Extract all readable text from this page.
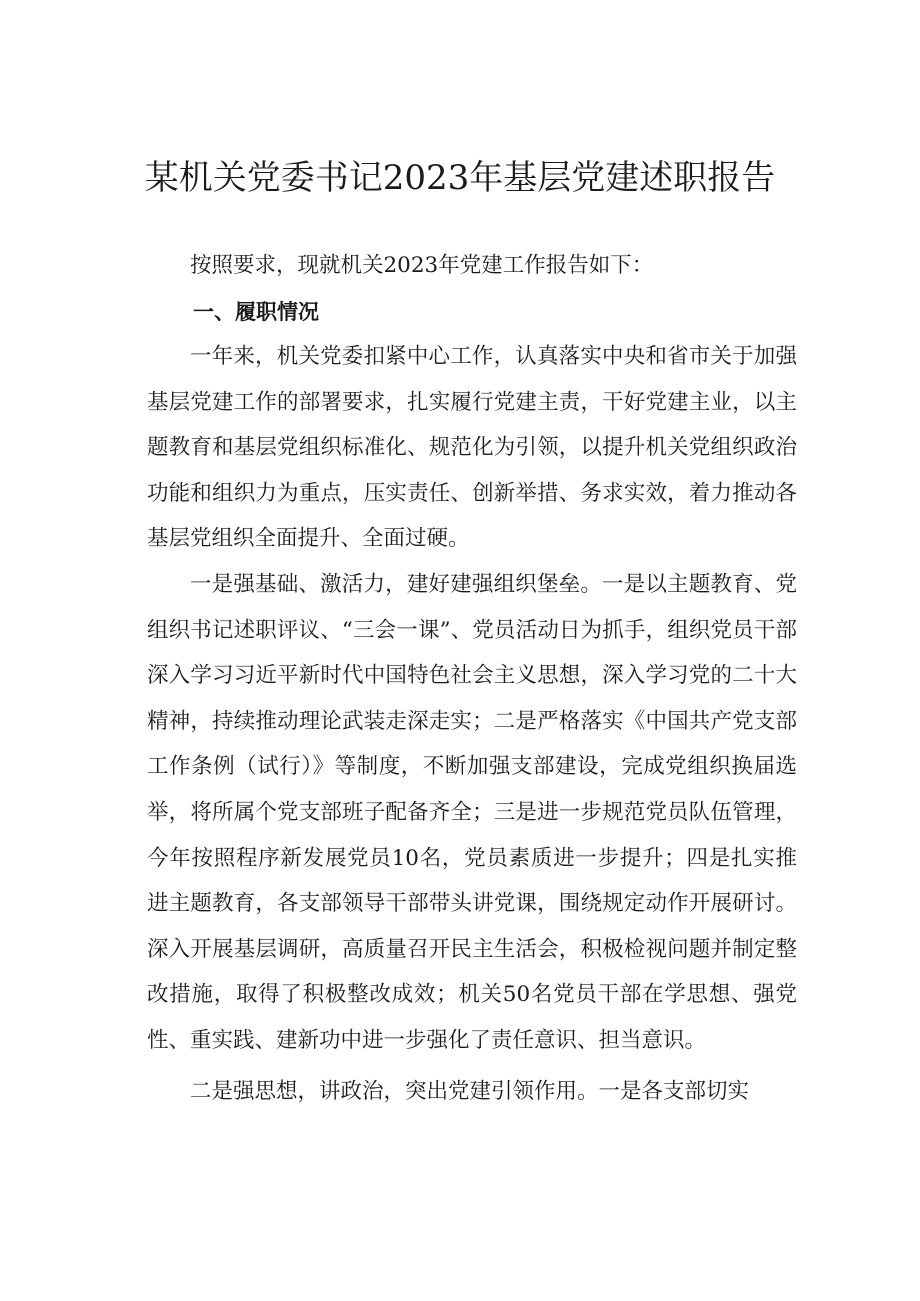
某机关党委书记2023年基层党建述职报告

按照要求，现就机关2023年党建工作报告如下：

一、履职情况

一年来，机关党委扣紧中心工作，认真落实中央和省市关于加强基层党建工作的部署要求，扎实履行党建主责，干好党建主业，以主题教育和基层党组织标准化、规范化为引领，以提升机关党组织政治功能和组织力为重点，压实责任、创新举措、务求实效，着力推动各基层党组织全面提升、全面过硬。

一是强基础、激活力，建好建强组织堡垒。一是以主题教育、党组织书记述职评议、“三会一课”、党员活动日为抓手，组织党员干部深入学习习近平新时代中国特色社会主义思想，深入学习党的二十大精神，持续推动理论武装走深走实；二是严格落实《中国共产党支部工作条例（试行）》等制度，不断加强支部建设，完成党组织换届选举，将所属个党支部班子配备齐全；三是进一步规范党员队伍管理，今年按照程序新发展党员10名，党员素质进一步提升；四是扎实推进主题教育，各支部领导干部带头讲党课，围绕规定动作开展研讨。深入开展基层调研，高质量召开民主生活会，积极检视问题并制定整改措施，取得了积极整改成效；机关50名党员干部在学思想、强党性、重实践、建新功中进一步强化了责任意识、担当意识。

二是强思想，讲政治，突出党建引领作用。一是各支部切实
